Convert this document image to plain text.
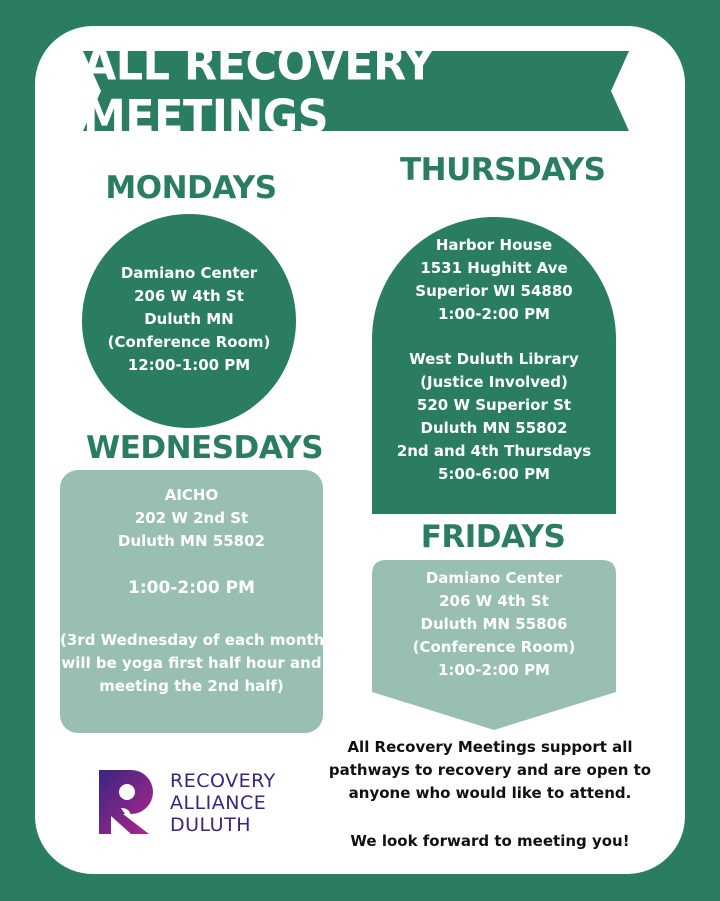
ALL RECOVERY MEETINGS
MONDAYS
Damiano Center
206 W 4th St
Duluth MN
(Conference Room)
12:00-1:00 PM
THURSDAYS
Harbor House
1531 Hughitt Ave
Superior WI 54880
1:00-2:00 PM
West Duluth Library
(Justice Involved)
520 W Superior St
Duluth MN 55802
2nd and 4th Thursdays
5:00-6:00 PM
WEDNESDAYS
AICHO
202 W 2nd St
Duluth MN 55802
1:00-2:00 PM
(3rd Wednesday of each month
will be yoga first half hour and
meeting the 2nd half)
FRIDAYS
Damiano Center
206 W 4th St
Duluth MN 55806
(Conference Room)
1:00-2:00 PM
RECOVERY
ALLIANCE
DULUTH
All Recovery Meetings support all
pathways to recovery and are open to
anyone who would like to attend.
We look forward to meeting you!
